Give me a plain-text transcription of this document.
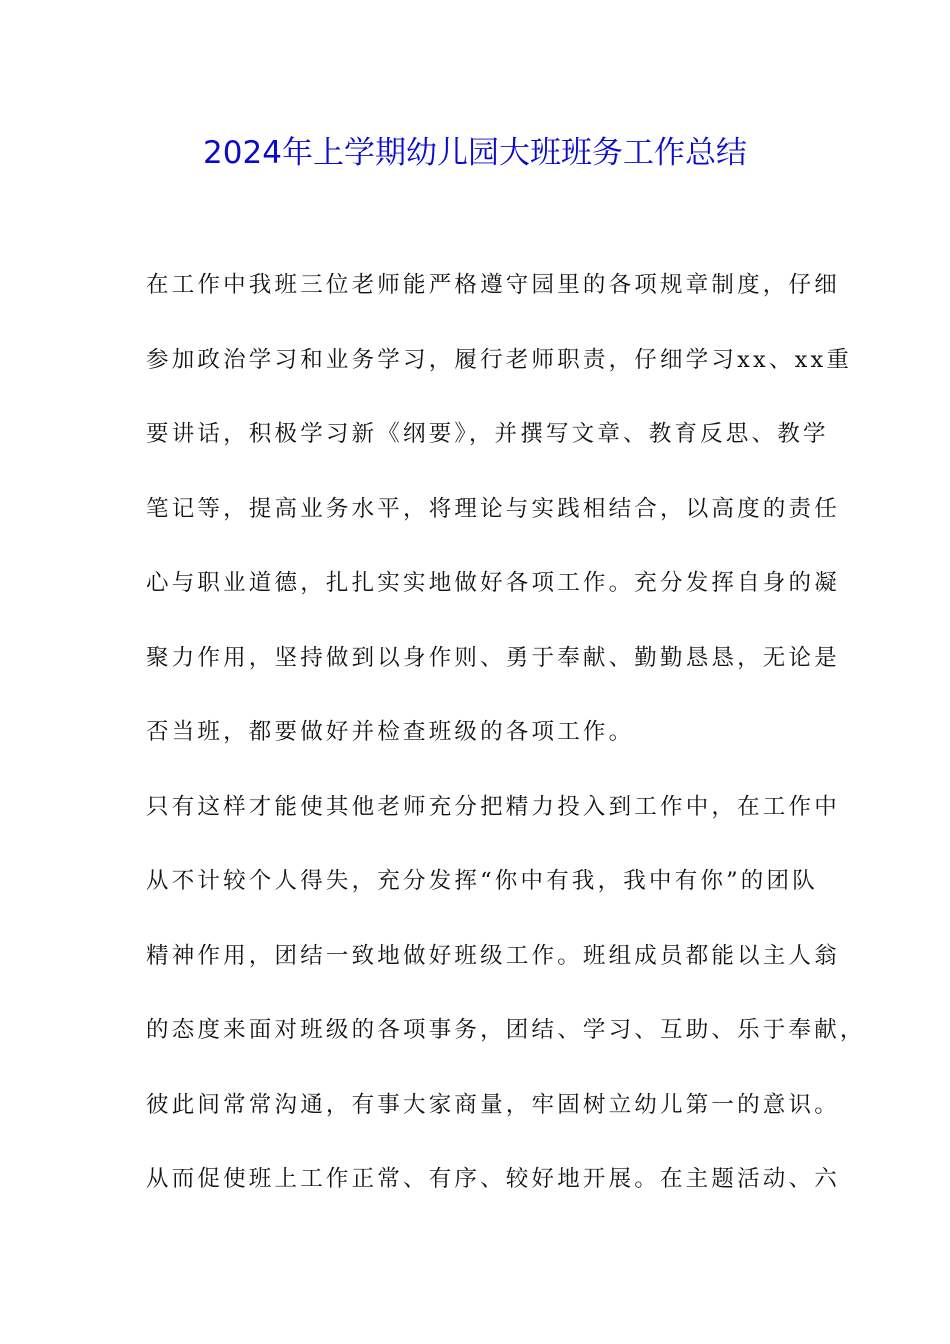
2024年上学期幼儿园大班班务工作总结
在工作中我班三位老师能严格遵守园里的各项规章制度，仔细
参加政治学习和业务学习，履行老师职责，仔细学习xx、xx重
要讲话，积极学习新《纲要》，并撰写文章、教育反思、教学
笔记等，提高业务水平，将理论与实践相结合，以高度的责任
心与职业道德，扎扎实实地做好各项工作。充分发挥自身的凝
聚力作用，坚持做到以身作则、勇于奉献、勤勤恳恳，无论是
否当班，都要做好并检查班级的各项工作。
只有这样才能使其他老师充分把精力投入到工作中，在工作中
从不计较个人得失，充分发挥“你中有我，我中有你”的团队
精神作用，团结一致地做好班级工作。班组成员都能以主人翁
的态度来面对班级的各项事务，团结、学习、互助、乐于奉献，
彼此间常常沟通，有事大家商量，牢固树立幼儿第一的意识。
从而促使班上工作正常、有序、较好地开展。在主题活动、六
